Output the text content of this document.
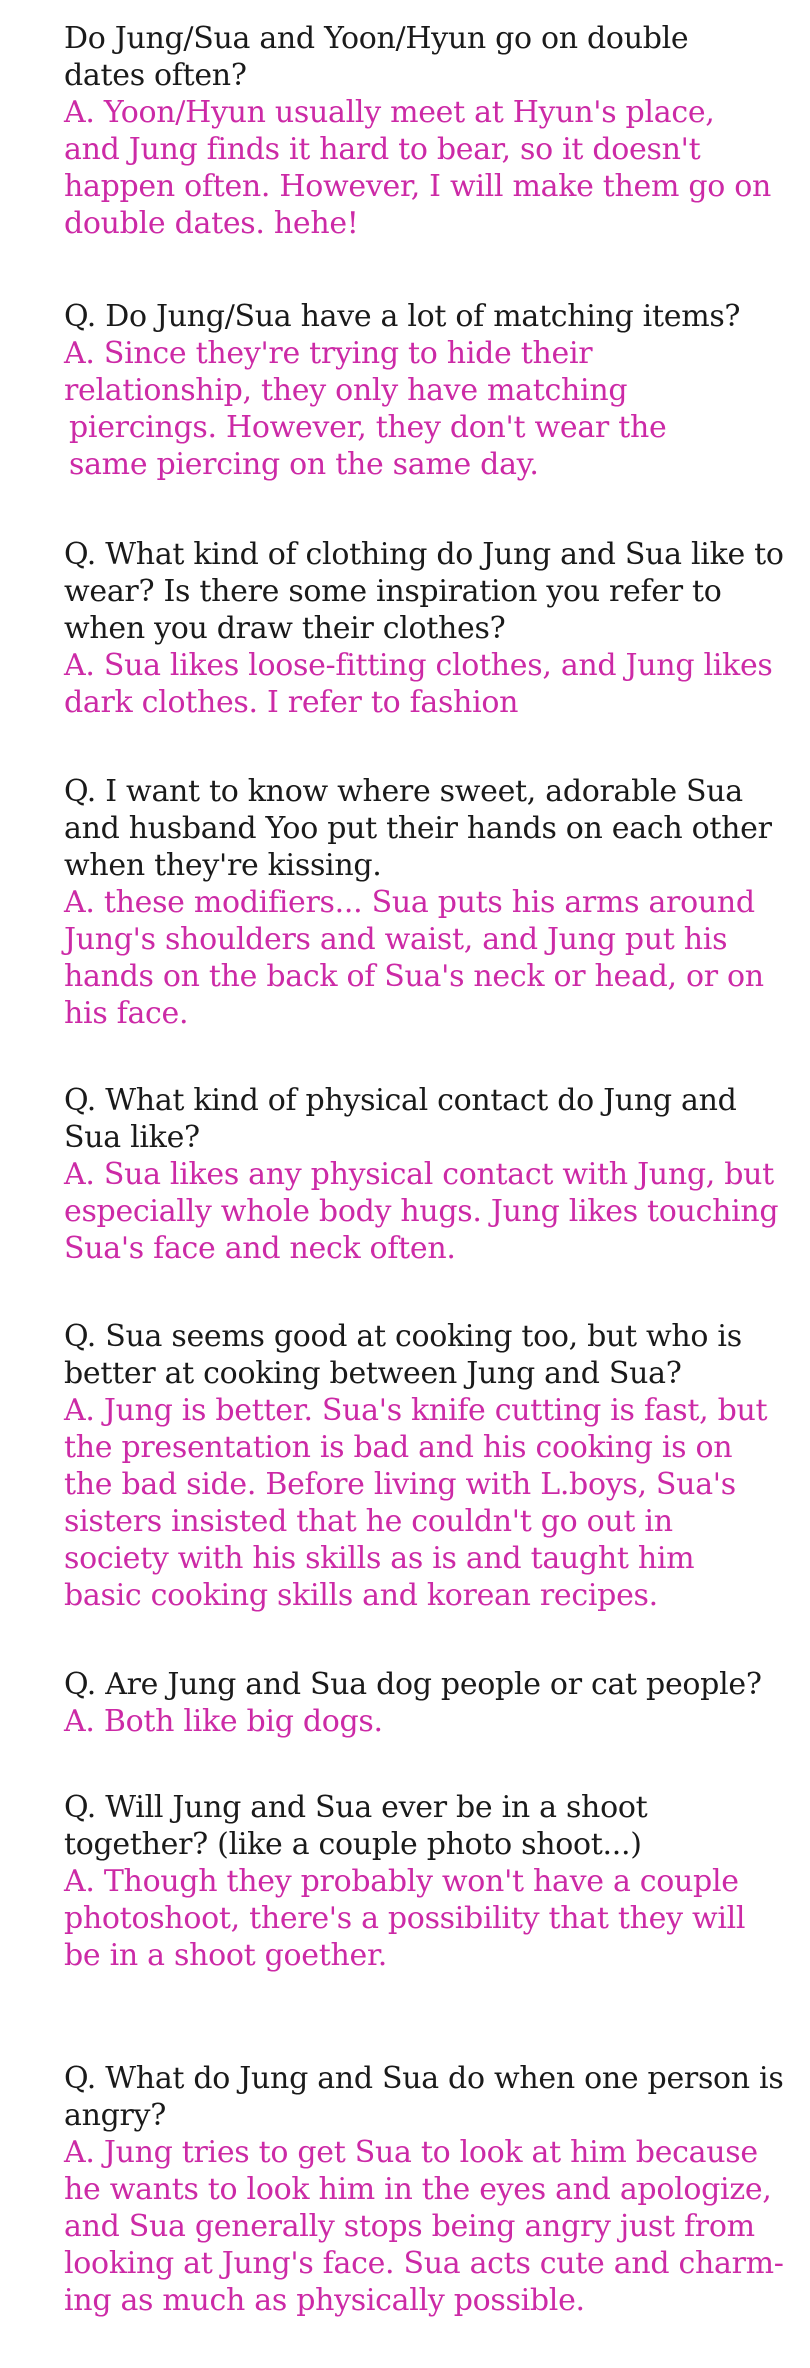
Do Jung/Sua and Yoon/Hyun go on double
dates often?
A. Yoon/Hyun usually meet at Hyun's place,
and Jung finds it hard to bear, so it doesn't
happen often. However, I will make them go on
double dates. hehe!
Q. Do Jung/Sua have a lot of matching items?
A. Since they're trying to hide their
relationship, they only have matching
piercings. However, they don't wear the
same piercing on the same day.
Q. What kind of clothing do Jung and Sua like to
wear? Is there some inspiration you refer to
when you draw their clothes?
A. Sua likes loose-fitting clothes, and Jung likes
dark clothes. I refer to fashion
Q. I want to know where sweet, adorable Sua
and husband Yoo put their hands on each other
when they're kissing.
A. these modifiers... Sua puts his arms around
Jung's shoulders and waist, and Jung put his
hands on the back of Sua's neck or head, or on
his face.
Q. What kind of physical contact do Jung and
Sua like?
A. Sua likes any physical contact with Jung, but
especially whole body hugs. Jung likes touching
Sua's face and neck often.
Q. Sua seems good at cooking too, but who is
better at cooking between Jung and Sua?
A. Jung is better. Sua's knife cutting is fast, but
the presentation is bad and his cooking is on
the bad side. Before living with L.boys, Sua's
sisters insisted that he couldn't go out in
society with his skills as is and taught him
basic cooking skills and korean recipes.
Q. Are Jung and Sua dog people or cat people?
A. Both like big dogs.
Q. Will Jung and Sua ever be in a shoot
together? (like a couple photo shoot...)
A. Though they probably won't have a couple
photoshoot, there's a possibility that they will
be in a shoot goether.
Q. What do Jung and Sua do when one person is
angry?
A. Jung tries to get Sua to look at him because
he wants to look him in the eyes and apologize,
and Sua generally stops being angry just from
looking at Jung's face. Sua acts cute and charm-
ing as much as physically possible.
